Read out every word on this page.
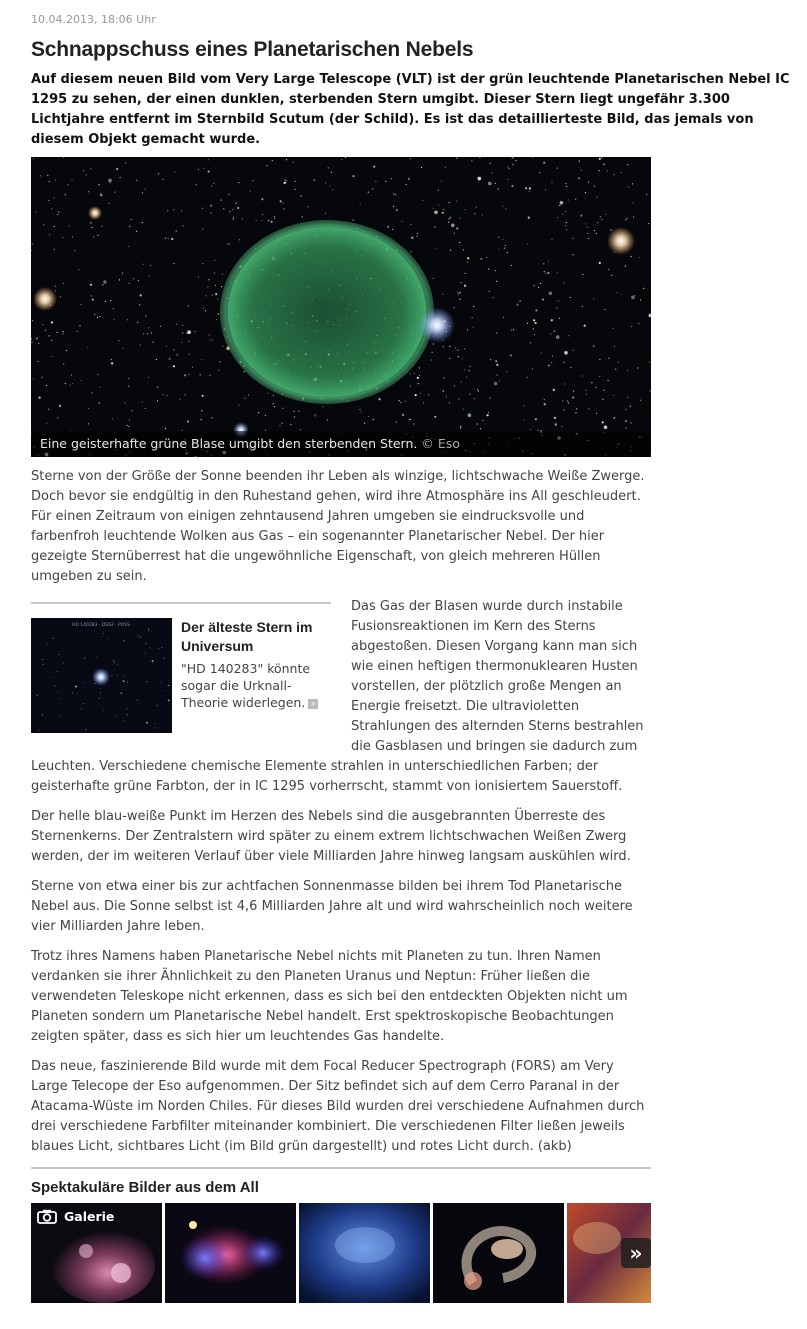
10.04.2013, 18:06 Uhr
Schnappschuss eines Planetarischen Nebels

Auf diesem neuen Bild vom Very Large Telescope (VLT) ist der grün leuchtende Planetarischen Nebel IC 1295 zu sehen, der einen dunklen, sterbenden Stern umgibt. Dieser Stern liegt ungefähr 3.300 Lichtjahre entfernt im Sternbild Scutum (der Schild). Es ist das detaillierteste Bild, das jemals von diesem Objekt gemacht wurde.

Eine geisterhafte grüne Blase umgibt den sterbenden Stern. © Eso

Sterne von der Größe der Sonne beenden ihr Leben als winzige, lichtschwache Weiße Zwerge. Doch bevor sie endgültig in den Ruhestand gehen, wird ihre Atmosphäre ins All geschleudert. Für einen Zeitraum von einigen zehntausend Jahren umgeben sie eindrucksvolle und farbenfroh leuchtende Wolken aus Gas – ein sogenannter Planetarischer Nebel. Der hier gezeigte Sternüberrest hat die ungewöhnliche Eigenschaft, von gleich mehreren Hüllen umgeben zu sein.

HD 140283 · DSS2 · POSS	Der älteste Stern im Universum
"HD 140283" könnte sogar die Urknall-Theorie widerlegen. »
Das Gas der Blasen wurde durch instabile
Fusionsreaktionen im Kern des Sterns
abgestoßen. Diesen Vorgang kann man sich
wie einen heftigen thermonuklearen Husten
vorstellen, der plötzlich große Mengen an
Energie freisetzt. Die ultravioletten
Strahlungen des alternden Sterns bestrahlen
die Gasblasen und bringen sie dadurch zum

Leuchten. Verschiedene chemische Elemente strahlen in unterschiedlichen Farben; der geisterhafte grüne Farbton, der in IC 1295 vorherrscht, stammt von ionisiertem Sauerstoff.

Der helle blau-weiße Punkt im Herzen des Nebels sind die ausgebrannten Überreste des Sternenkerns. Der Zentralstern wird später zu einem extrem lichtschwachen Weißen Zwerg werden, der im weiteren Verlauf über viele Milliarden Jahre hinweg langsam auskühlen wird.

Sterne von etwa einer bis zur achtfachen Sonnenmasse bilden bei ihrem Tod Planetarische Nebel aus. Die Sonne selbst ist 4,6 Milliarden Jahre alt und wird wahrscheinlich noch weitere vier Milliarden Jahre leben.

Trotz ihres Namens haben Planetarische Nebel nichts mit Planeten zu tun. Ihren Namen verdanken sie ihrer Ähnlichkeit zu den Planeten Uranus und Neptun: Früher ließen die verwendeten Teleskope nicht erkennen, dass es sich bei den entdeckten Objekten nicht um Planeten sondern um Planetarische Nebel handelt. Erst spektroskopische Beobachtungen zeigten später, dass es sich hier um leuchtendes Gas handelte.

Das neue, faszinierende Bild wurde mit dem Focal Reducer Spectrograph (FORS) am Very Large Telecope der Eso aufgenommen. Der Sitz befindet sich auf dem Cerro Paranal in der Atacama-Wüste im Norden Chiles. Für dieses Bild wurden drei verschiedene Aufnahmen durch drei verschiedene Farbfilter miteinander kombiniert. Die verschiedenen Filter ließen jeweils blaues Licht, sichtbares Licht (im Bild grün dargestellt) und rotes Licht durch. (akb)

Spektakuläre Bilder aus dem All
Galerie
»
